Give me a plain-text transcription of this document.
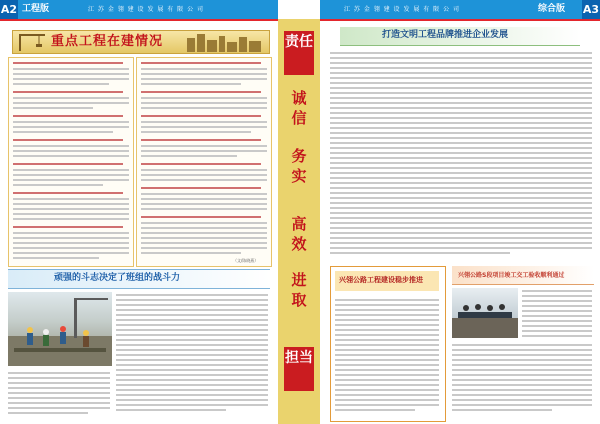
A2 工程版	江 苏 金 翎 建 设 发 展 有 限 公 司	江 苏 金 翎 建 设 发 展 有 限 公 司	综合版 A3
重点工程在建情况
（文/陈晓燕）
顽强的斗志决定了班组的战斗力
责任
诚
信
务
实
高
效
进
取
担当
打造文明工程品牌推进企业发展
兴翎公路工程建设稳步推进
兴翎公路S段项目竣工交工验收顺利通过
